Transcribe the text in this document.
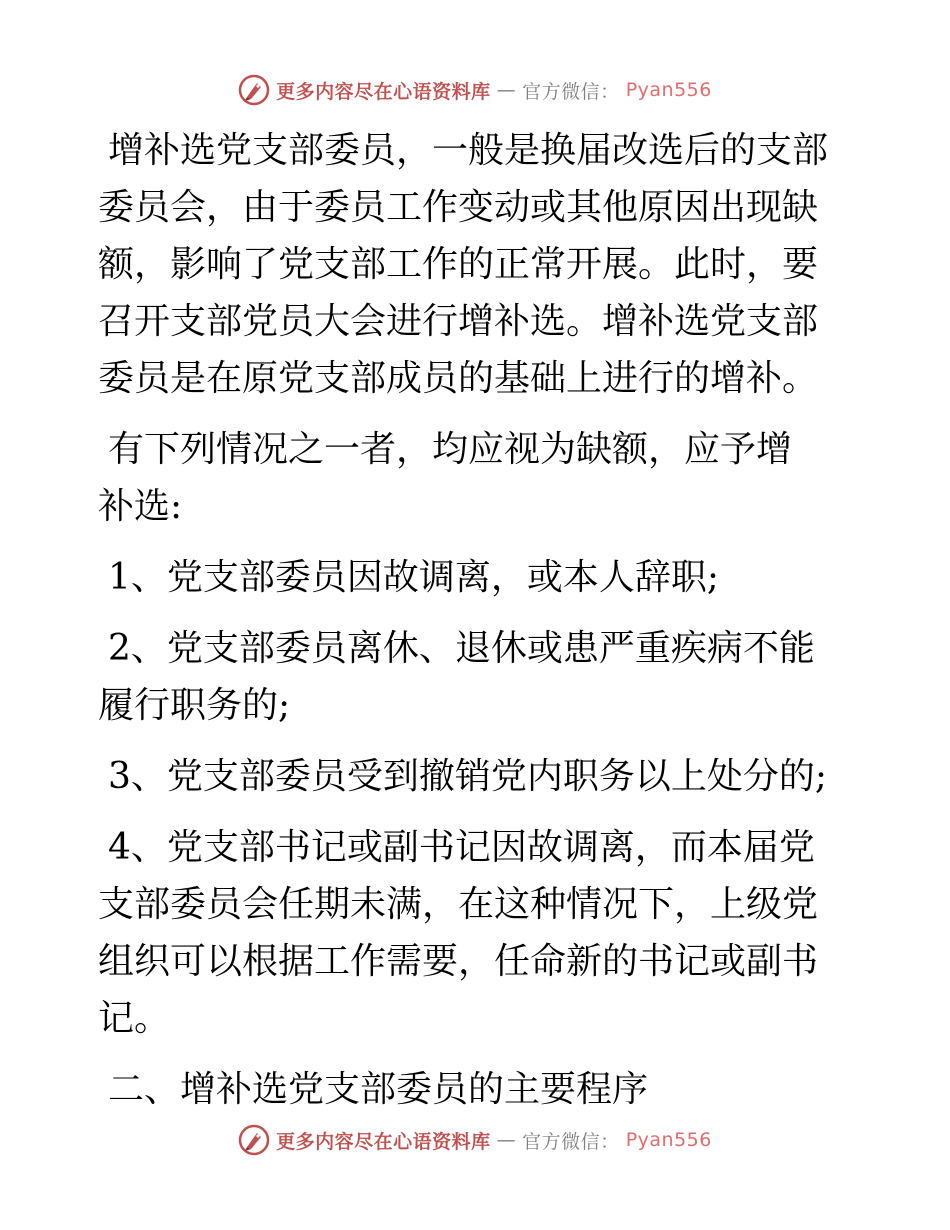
更多内容尽在心语资料库 — 官方微信： Pyan556

增补选党支部委员，一般是换届改选后的支部委员会，由于委员工作变动或其他原因出现缺额，影响了党支部工作的正常开展。此时，要召开支部党员大会进行增补选。增补选党支部委员是在原党支部成员的基础上进行的增补。

有下列情况之一者，均应视为缺额，应予增补选:

1、党支部委员因故调离，或本人辞职;

2、党支部委员离休、退休或患严重疾病不能履行职务的;

3、党支部委员受到撤销党内职务以上处分的;

4、党支部书记或副书记因故调离，而本届党支部委员会任期未满，在这种情况下，上级党组织可以根据工作需要，任命新的书记或副书记。

二、增补选党支部委员的主要程序

更多内容尽在心语资料库 — 官方微信： Pyan556
